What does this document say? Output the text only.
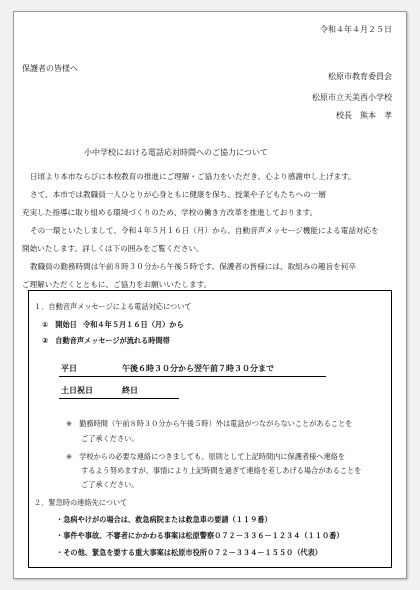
令和４年４月２５日
保護者の皆様へ
松原市教育委員会
松原市立天美西小学校
校長　熊本　孝
小中学校における電話応対時間へのご協力について
日頃より本市ならびに本校教育の推進にご理解・ご協力をいただき、心より感謝申し上げます。
さて、本市では教職員一人ひとりが心身ともに健康を保ち、授業や子どもたちへの一層
充実した指導に取り組める環境づくりのため、学校の働き方改革を推進しております。
その一環といたしまして、令和４年５月１６日（月）から、自動音声メッセージ機能による電話対応を
開始いたします。詳しくは下の囲みをご覧ください。
教職員の勤務時間は午前８時３０分から午後５時です。保護者の皆様には、取組みの趣旨を何卒
ご理解いただくとともに、ご協力をお願いいたします。
１．自動音声メッセージによる電話対応について
①　開始日 令和４年５月１６日（月）から
②　自動音声メッセージが流れる時間帯
平日	午後６時３０分から翌午前７時３０分まで
土日祝日	終日
※　勤務時間（午前８時３０分から午後５時）外は電話がつながらないことがあることを
ご了承ください。
※　学校からの必要な連絡につきましても、原則として上記時間内に保護者様へ連絡を
するよう努めますが、事情により上記時間を過ぎて連絡を差しあげる場合があることを
ご了承ください。
２．緊急時の連絡先について
・急病やけがの場合は、救急病院または救急車の要請（１１９番）
・事件や事故、不審者にかかわる事案は松原警察０７２－３３６－１２３４（１１０番）
・その他、緊急を要する重大事案は松原市役所０７２－３３４－１５５０（代表）
